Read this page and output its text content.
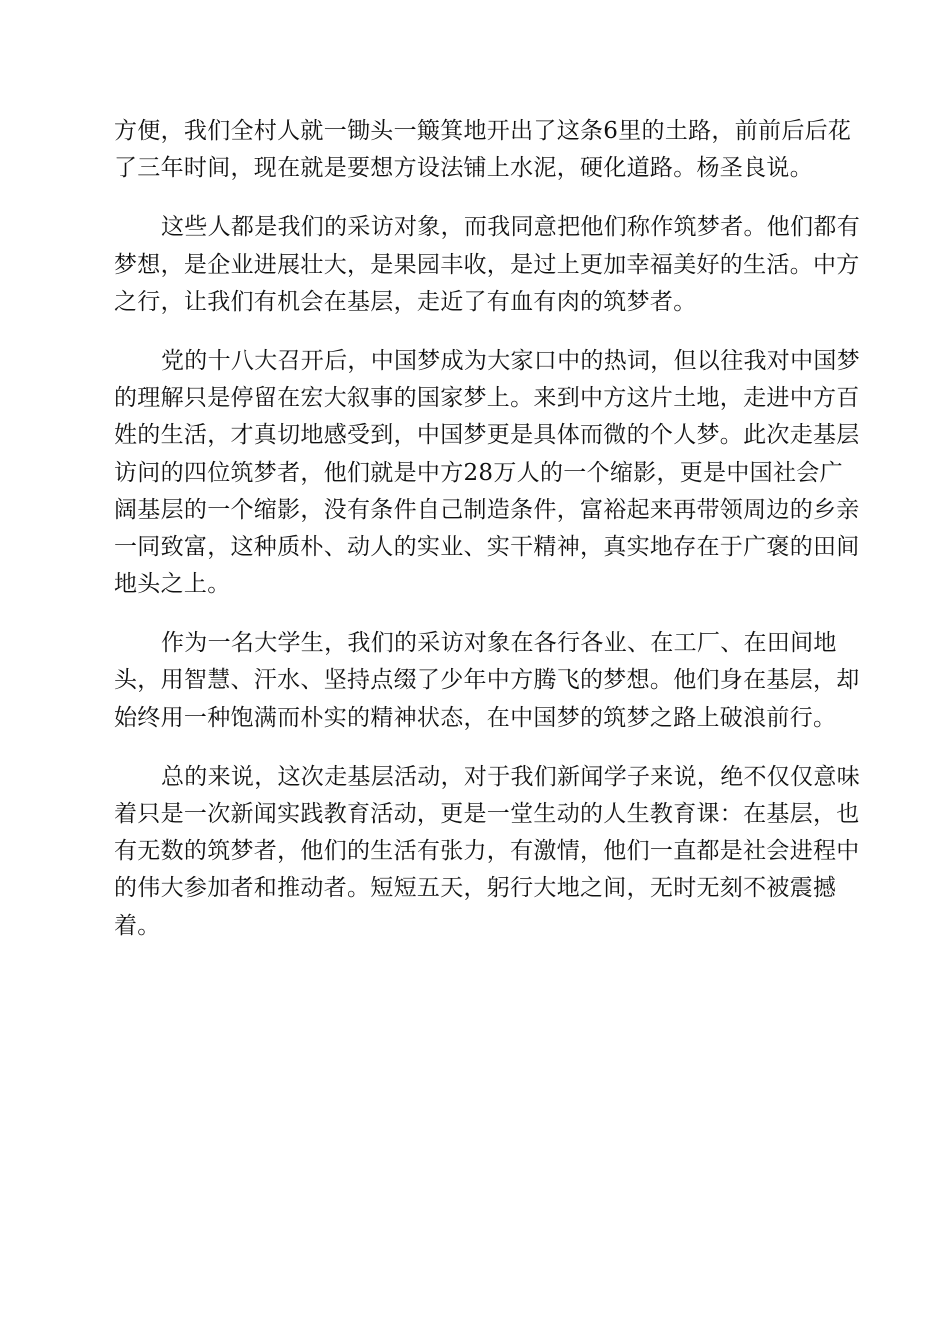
方便，我们全村人就一锄头一簸箕地开出了这条6里的土路，前前后后花
了三年时间，现在就是要想方设法铺上水泥，硬化道路。杨圣良说。
这些人都是我们的采访对象，而我同意把他们称作筑梦者。他们都有
梦想，是企业进展壮大，是果园丰收，是过上更加幸福美好的生活。中方
之行，让我们有机会在基层，走近了有血有肉的筑梦者。
党的十八大召开后，中国梦成为大家口中的热词，但以往我对中国梦
的理解只是停留在宏大叙事的国家梦上。来到中方这片土地，走进中方百
姓的生活，才真切地感受到，中国梦更是具体而微的个人梦。此次走基层
访问的四位筑梦者，他们就是中方28万人的一个缩影，更是中国社会广
阔基层的一个缩影，没有条件自己制造条件，富裕起来再带领周边的乡亲
一同致富，这种质朴、动人的实业、实干精神，真实地存在于广褒的田间
地头之上。
作为一名大学生，我们的采访对象在各行各业、在工厂、在田间地
头，用智慧、汗水、坚持点缀了少年中方腾飞的梦想。他们身在基层，却
始终用一种饱满而朴实的精神状态，在中国梦的筑梦之路上破浪前行。
总的来说，这次走基层活动，对于我们新闻学子来说，绝不仅仅意味
着只是一次新闻实践教育活动，更是一堂生动的人生教育课：在基层，也
有无数的筑梦者，他们的生活有张力，有激情，他们一直都是社会进程中
的伟大参加者和推动者。短短五天，躬行大地之间，无时无刻不被震撼
着。
